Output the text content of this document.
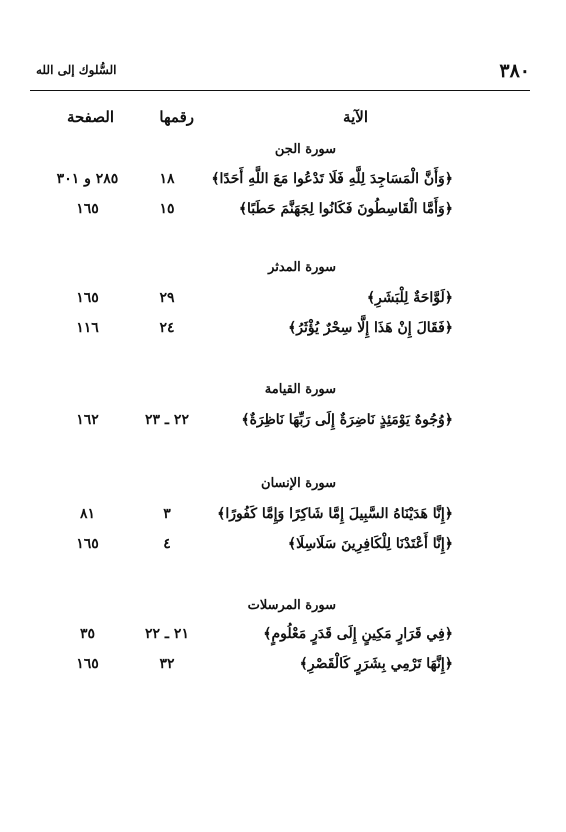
٣٨٠
السُّلوك إلى الله
الآية
رقمها
الصفحة
سورة الجن
﴿وَأَنَّ الْمَسَاجِدَ لِلَّهِ فَلَا تَدْعُوا مَعَ اللَّهِ أَحَدًا﴾
١٨
٢٨٥ و ٣٠١
﴿وَأَمَّا الْقَاسِطُونَ فَكَانُوا لِجَهَنَّمَ حَطَبًا﴾
١٥
١٦٥
سورة المدثر
﴿لَوَّاحَةٌ لِلْبَشَرِ﴾
٢٩
١٦٥
﴿فَقَالَ إِنْ هَذَا إِلَّا سِحْرٌ يُؤْثَرُ﴾
٢٤
١١٦
سورة القيامة
﴿وُجُوهٌ يَوْمَئِذٍ نَاضِرَةٌ إِلَى رَبِّهَا نَاظِرَةٌ﴾
٢٢ ـ ٢٣
١٦٢
سورة الإنسان
﴿إِنَّا هَدَيْنَاهُ السَّبِيلَ إِمَّا شَاكِرًا وَإِمَّا كَفُورًا﴾
٣
٨١
﴿إِنَّا أَعْتَدْنَا لِلْكَافِرِينَ سَلَاسِلَا﴾
٤
١٦٥
سورة المرسلات
﴿فِي قَرَارٍ مَكِينٍ إِلَى قَدَرٍ مَعْلُومٍ﴾
٢١ ـ ٢٢
٣٥
﴿إِنَّهَا تَرْمِي بِشَرَرٍ كَالْقَصْرِ﴾
٣٢
١٦٥
